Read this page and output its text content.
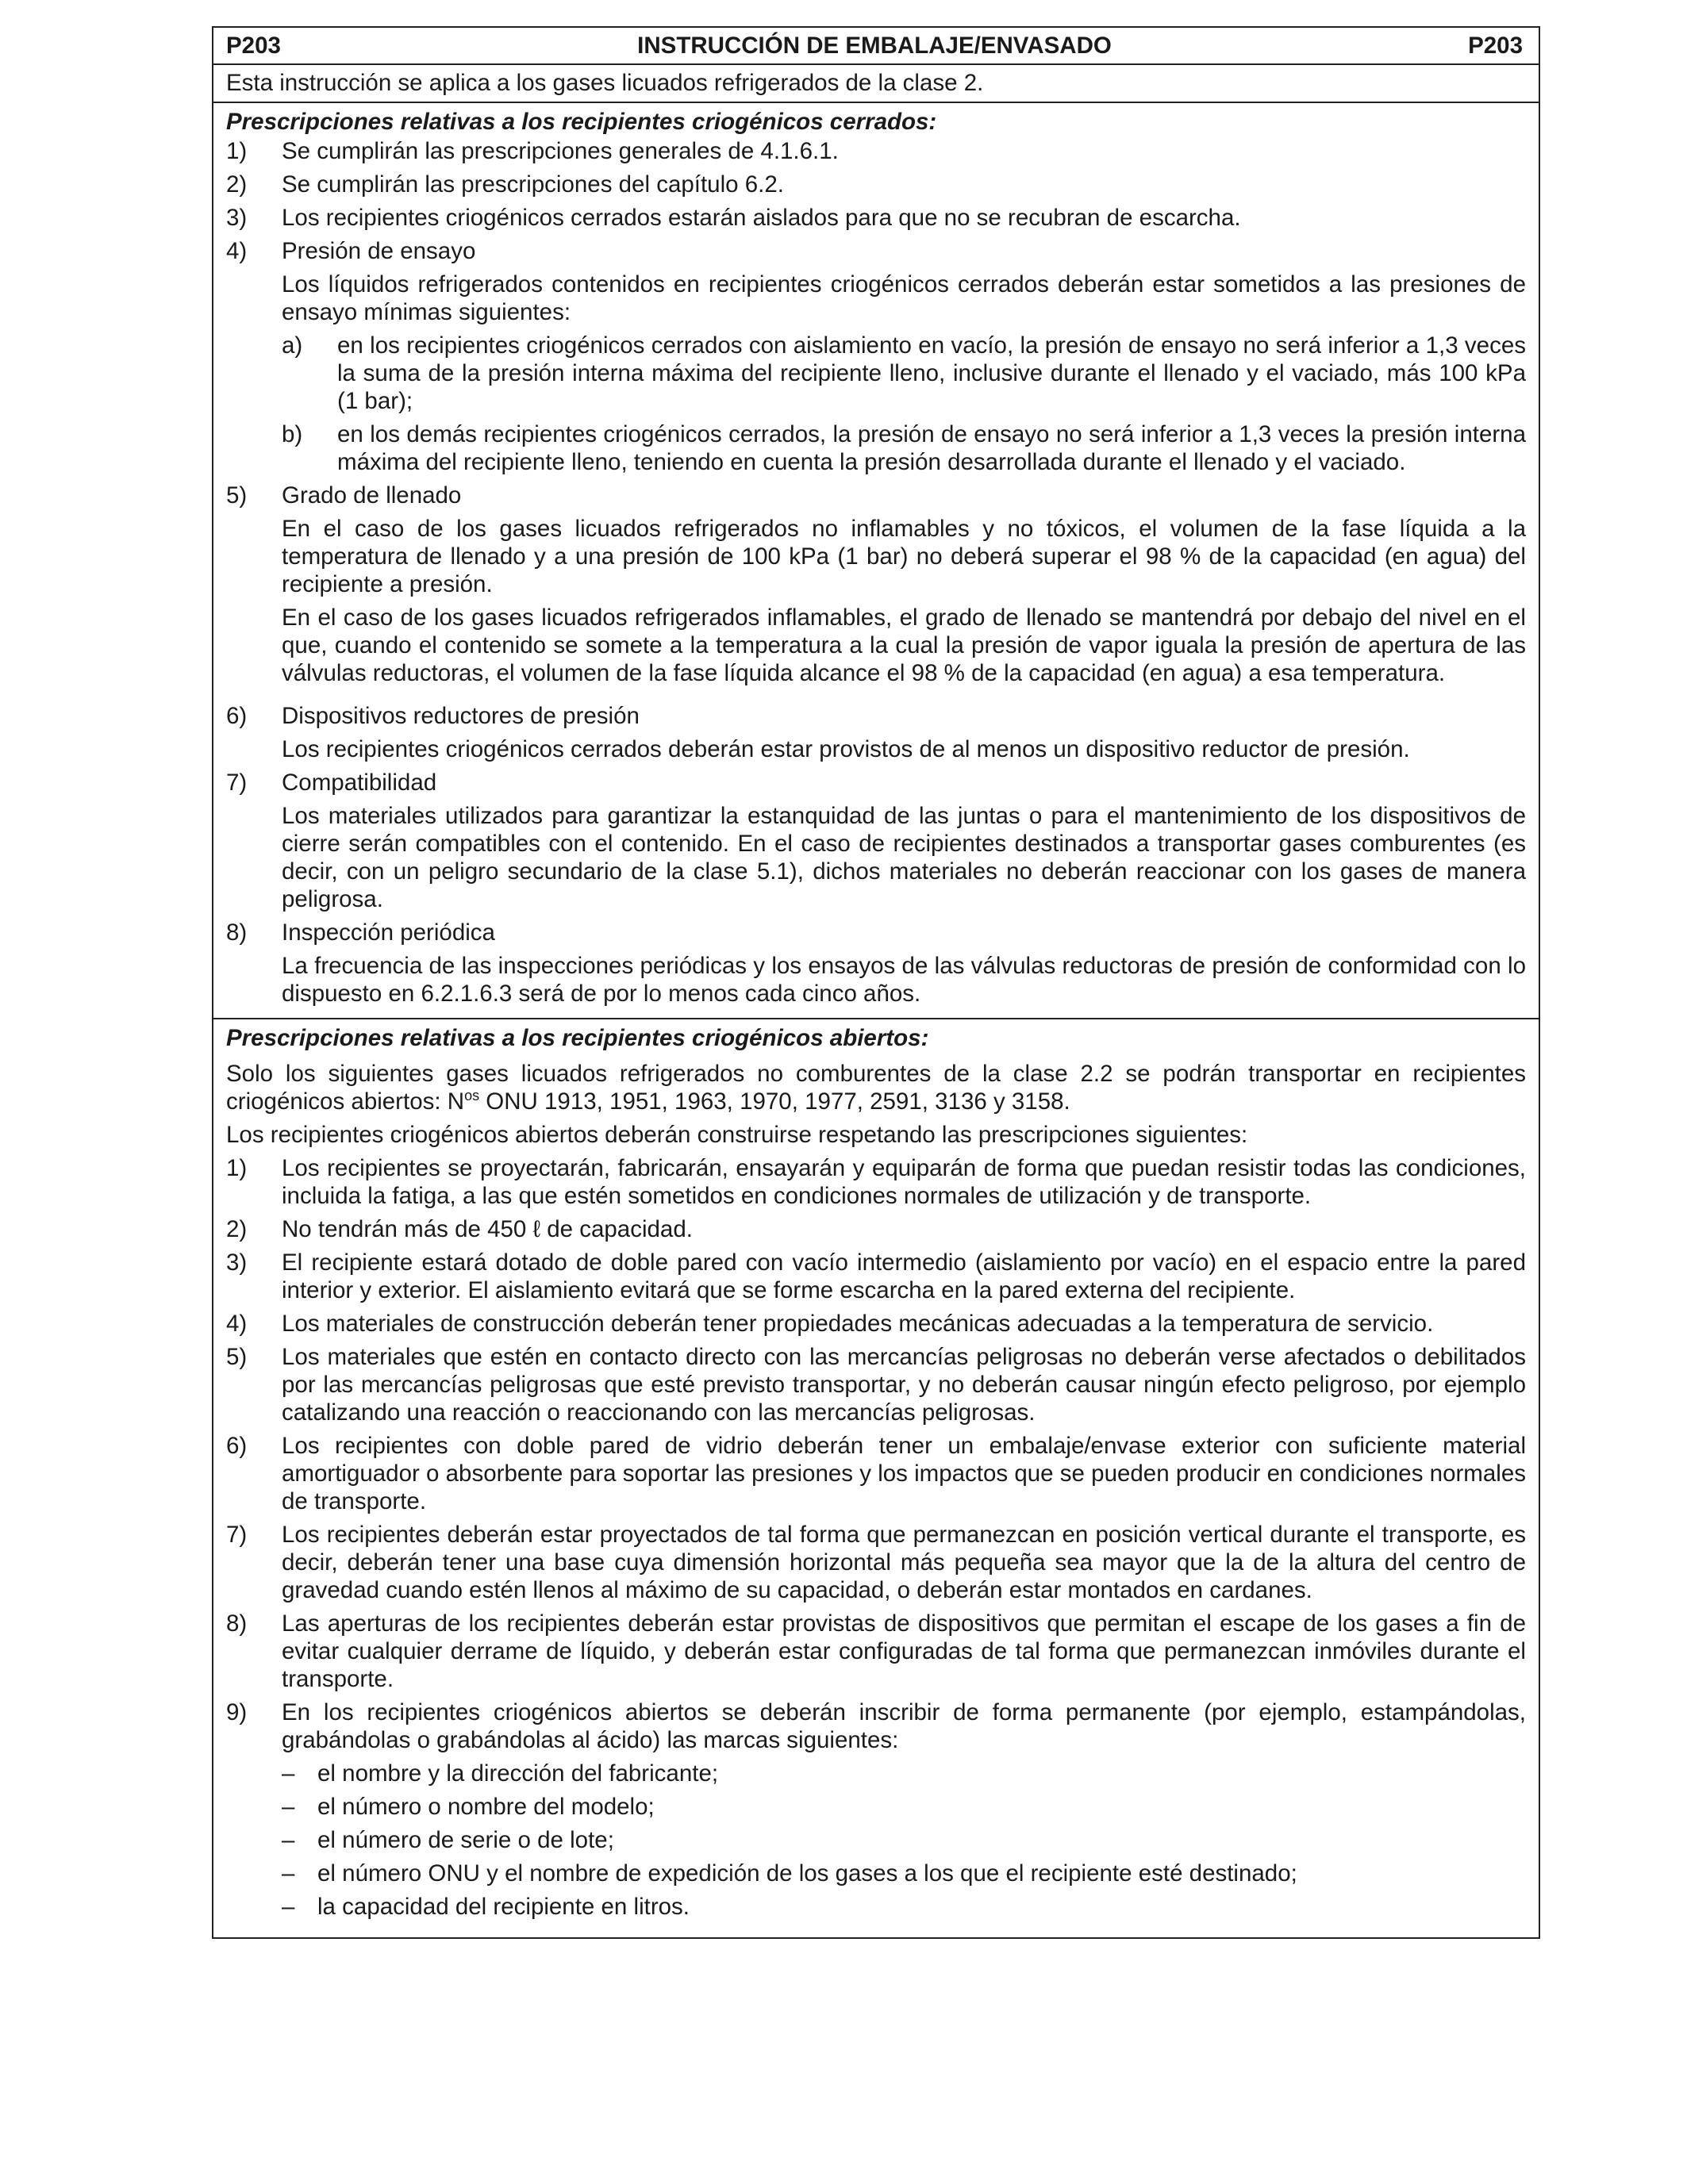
P203	INSTRUCCIÓN DE EMBALAJE/ENVASADO	P203
Esta instrucción se aplica a los gases licuados refrigerados de la clase 2.
Prescripciones relativas a los recipientes criogénicos cerrados:
1)	Se cumplirán las prescripciones generales de 4.1.6.1.
2)	Se cumplirán las prescripciones del capítulo 6.2.
3)	Los recipientes criogénicos cerrados estarán aislados para que no se recubran de escarcha.
4)	Presión de ensayo
Los líquidos refrigerados contenidos en recipientes criogénicos cerrados deberán estar sometidos a las presiones de ensayo mínimas siguientes:
a)	en los recipientes criogénicos cerrados con aislamiento en vacío, la presión de ensayo no será inferior a 1,3 veces la suma de la presión interna máxima del recipiente lleno, inclusive durante el llenado y el vaciado, más 100 kPa (1 bar);
b)	en los demás recipientes criogénicos cerrados, la presión de ensayo no será inferior a 1,3 veces la presión interna máxima del recipiente lleno, teniendo en cuenta la presión desarrollada durante el llenado y el vaciado.
5)	Grado de llenado
En el caso de los gases licuados refrigerados no inflamables y no tóxicos, el volumen de la fase líquida a la temperatura de llenado y a una presión de 100 kPa (1 bar) no deberá superar el 98 % de la capacidad (en agua) del recipiente a presión.
En el caso de los gases licuados refrigerados inflamables, el grado de llenado se mantendrá por debajo del nivel en el que, cuando el contenido se somete a la temperatura a la cual la presión de vapor iguala la presión de apertura de las válvulas reductoras, el volumen de la fase líquida alcance el 98 % de la capacidad (en agua) a esa temperatura.
6)	Dispositivos reductores de presión
Los recipientes criogénicos cerrados deberán estar provistos de al menos un dispositivo reductor de presión.
7)	Compatibilidad
Los materiales utilizados para garantizar la estanquidad de las juntas o para el mantenimiento de los dispositivos de cierre serán compatibles con el contenido. En el caso de recipientes destinados a transportar gases comburentes (es decir, con un peligro secundario de la clase 5.1), dichos materiales no deberán reaccionar con los gases de manera peligrosa.
8)	Inspección periódica
La frecuencia de las inspecciones periódicas y los ensayos de las válvulas reductoras de presión de conformidad con lo dispuesto en 6.2.1.6.3 será de por lo menos cada cinco años.
Prescripciones relativas a los recipientes criogénicos abiertos:
Solo los siguientes gases licuados refrigerados no comburentes de la clase 2.2 se podrán transportar en recipientes criogénicos abiertos: $N^{os}$ ONU 1913, 1951, 1963, 1970, 1977, 2591, 3136 y 3158.
Los recipientes criogénicos abiertos deberán construirse respetando las prescripciones siguientes:
1)	Los recipientes se proyectarán, fabricarán, ensayarán y equiparán de forma que puedan resistir todas las condiciones, incluida la fatiga, a las que estén sometidos en condiciones normales de utilización y de transporte.
2)	No tendrán más de 450 ℓ de capacidad.
3)	El recipiente estará dotado de doble pared con vacío intermedio (aislamiento por vacío) en el espacio entre la pared interior y exterior. El aislamiento evitará que se forme escarcha en la pared externa del recipiente.
4)	Los materiales de construcción deberán tener propiedades mecánicas adecuadas a la temperatura de servicio.
5)	Los materiales que estén en contacto directo con las mercancías peligrosas no deberán verse afectados o debilitados por las mercancías peligrosas que esté previsto transportar, y no deberán causar ningún efecto peligroso, por ejemplo catalizando una reacción o reaccionando con las mercancías peligrosas.
6)	Los recipientes con doble pared de vidrio deberán tener un embalaje/envase exterior con suficiente material amortiguador o absorbente para soportar las presiones y los impactos que se pueden producir en condiciones normales de transporte.
7)	Los recipientes deberán estar proyectados de tal forma que permanezcan en posición vertical durante el transporte, es decir, deberán tener una base cuya dimensión horizontal más pequeña sea mayor que la de la altura del centro de gravedad cuando estén llenos al máximo de su capacidad, o deberán estar montados en cardanes.
8)	Las aperturas de los recipientes deberán estar provistas de dispositivos que permitan el escape de los gases a fin de evitar cualquier derrame de líquido, y deberán estar configuradas de tal forma que permanezcan inmóviles durante el transporte.
9)	En los recipientes criogénicos abiertos se deberán inscribir de forma permanente (por ejemplo, estampándolas, grabándolas o grabándolas al ácido) las marcas siguientes:
– el nombre y la dirección del fabricante;
– el número o nombre del modelo;
– el número de serie o de lote;
– el número ONU y el nombre de expedición de los gases a los que el recipiente esté destinado;
– la capacidad del recipiente en litros.
